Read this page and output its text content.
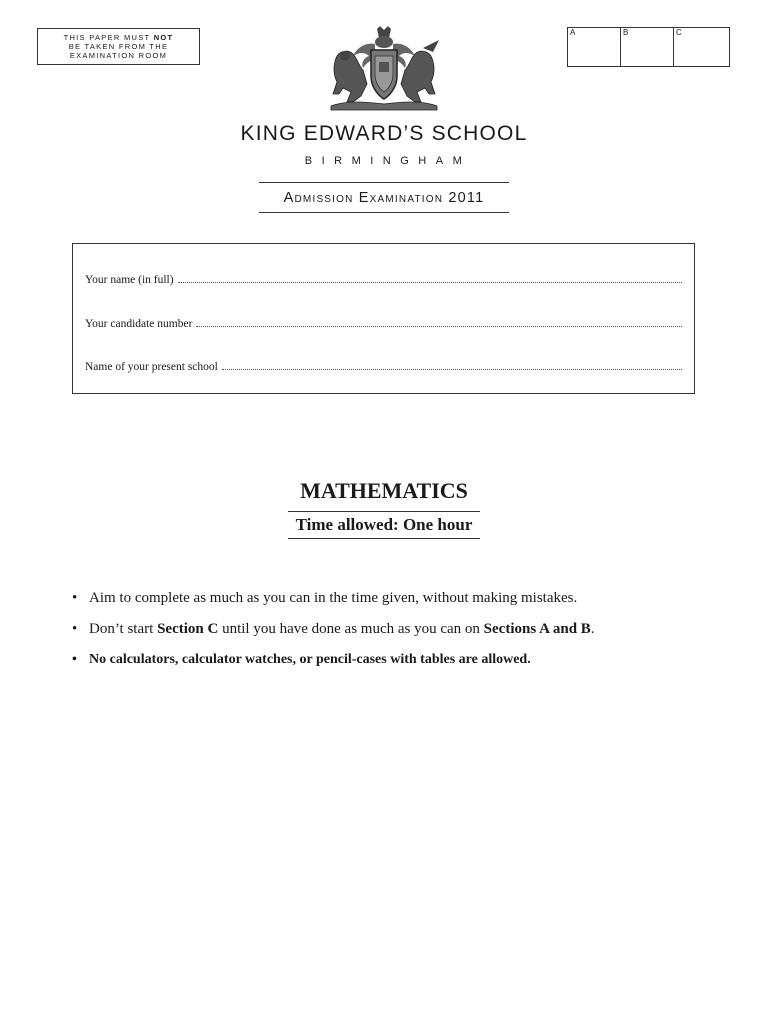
THIS PAPER MUST NOT
BE TAKEN FROM THE
EXAMINATION ROOM
A	B	C
KING EDWARD’S SCHOOL
BIRMINGHAM
Admission Examination 2011
Your name (in full)
Your candidate number
Name of your present school
MATHEMATICS
Time allowed: One hour
• Aim to complete as much as you can in the time given, without making mistakes.
• Don’t start Section C until you have done as much as you can on Sections A and B.
• No calculators, calculator watches, or pencil-cases with tables are allowed.
